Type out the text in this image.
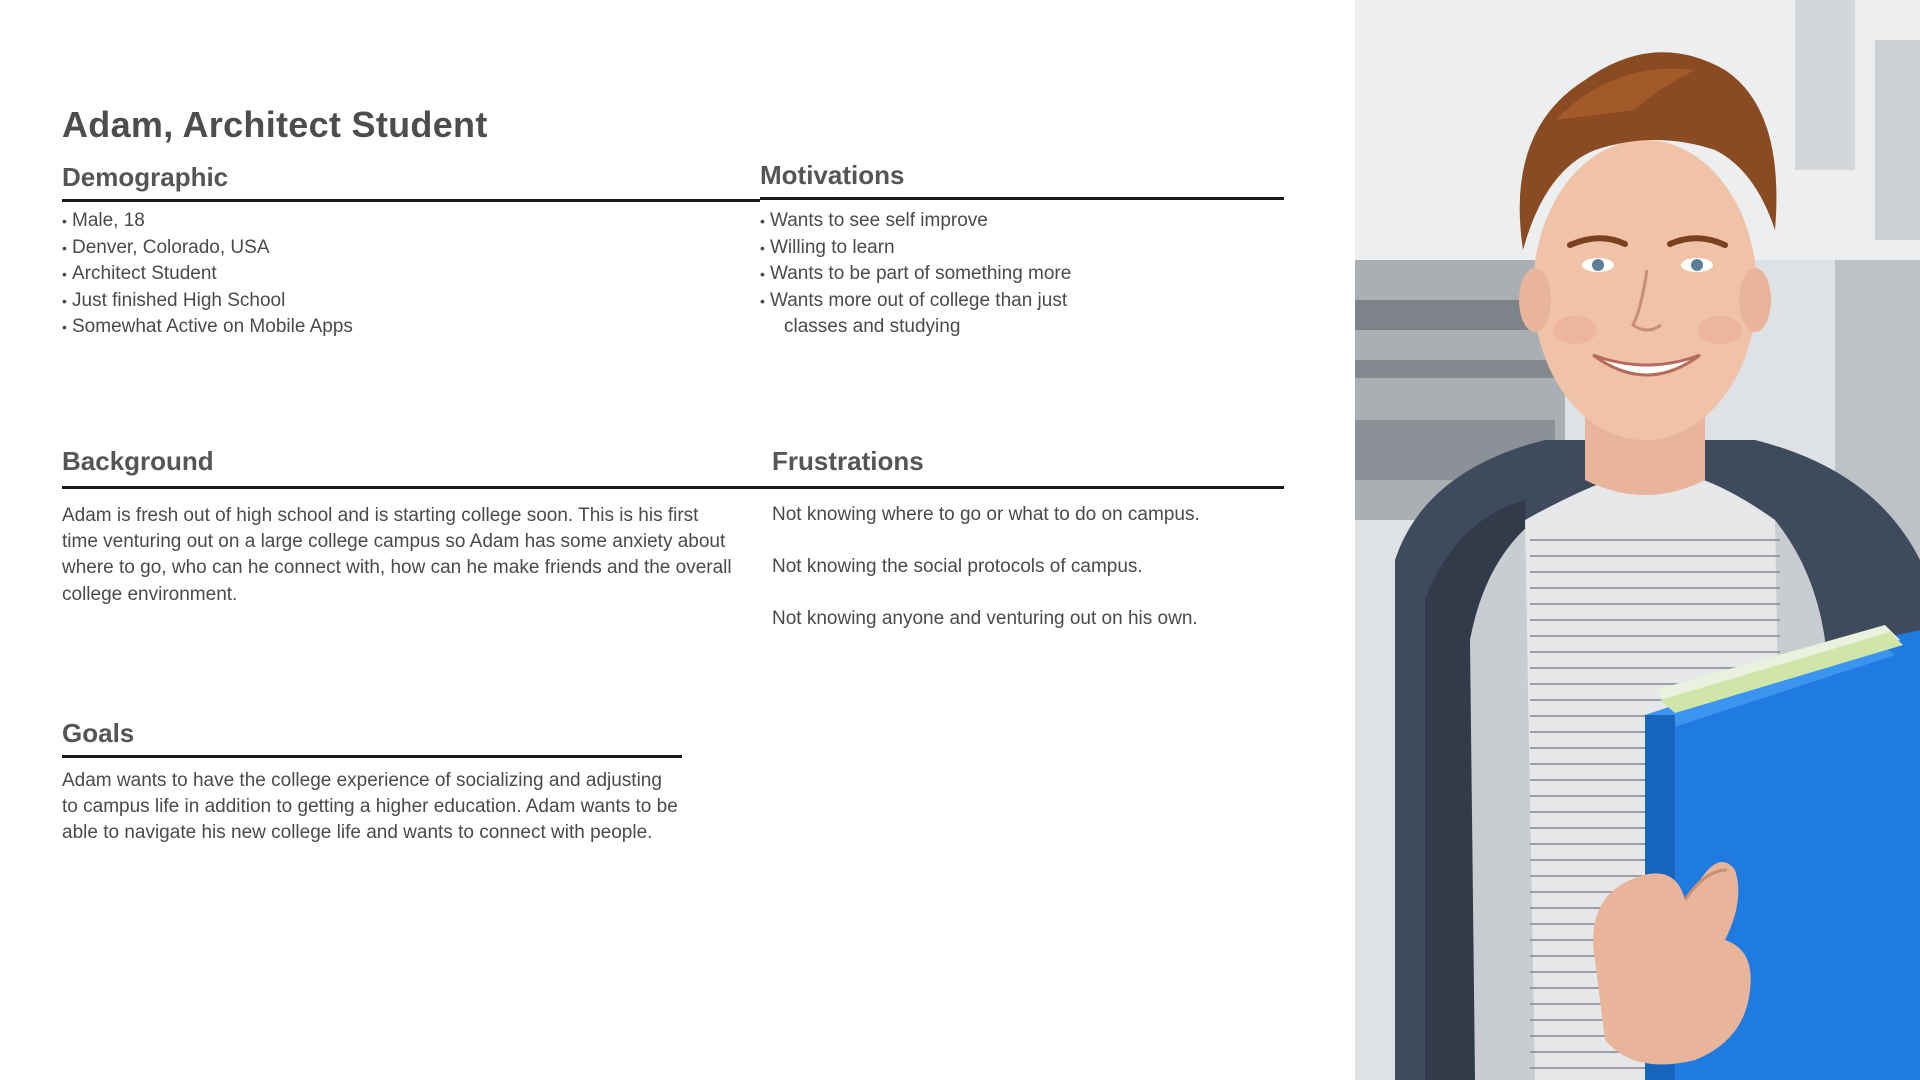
Adam, Architect Student
Demographic
• Male, 18
• Denver, Colorado, USA
• Architect Student
• Just finished High School
• Somewhat Active on Mobile Apps
Motivations
• Wants to see self improve
• Willing to learn
• Wants to be part of something more
• Wants more out of college than just
classes and studying
Background

Adam is fresh out of high school and is starting college soon. This is his first time venturing out on a large college campus so Adam has some anxiety about where to go, who can he connect with, how can he make friends and the overall college environment.

Frustrations

Not knowing where to go or what to do on campus.

Not knowing the social protocols of campus.

Not knowing anyone and venturing out on his own.

Goals

Adam wants to have the college experience of socializing and adjusting to campus life in addition to getting a higher education. Adam wants to be able to navigate his new college life and wants to connect with people.
